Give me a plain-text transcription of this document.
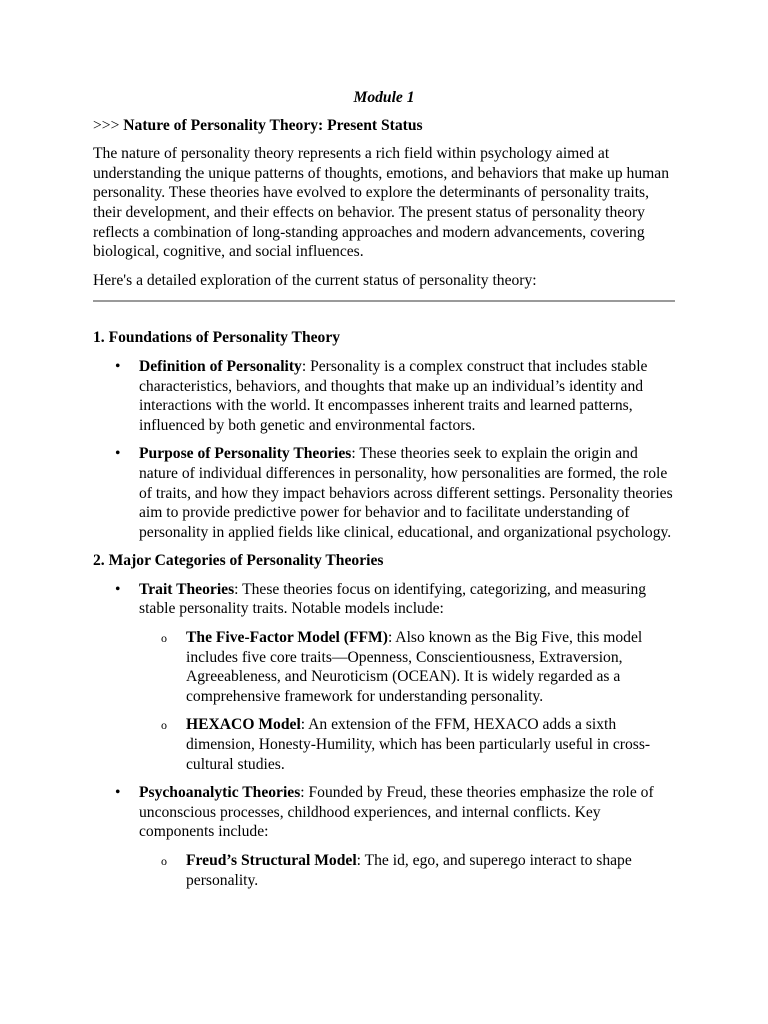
Module 1
>>> Nature of Personality Theory: Present Status

The nature of personality theory represents a rich field within psychology aimed at understanding the unique patterns of thoughts, emotions, and behaviors that make up human personality. These theories have evolved to explore the determinants of personality traits, their development, and their effects on behavior. The present status of personality theory reflects a combination of long-standing approaches and modern advancements, covering biological, cognitive, and social influences.

Here's a detailed exploration of the current status of personality theory:

1. Foundations of Personality Theory
• Definition of Personality: Personality is a complex construct that includes stable characteristics, behaviors, and thoughts that make up an individual’s identity and interactions with the world. It encompasses inherent traits and learned patterns, influenced by both genetic and environmental factors.
• Purpose of Personality Theories: These theories seek to explain the origin and nature of individual differences in personality, how personalities are formed, the role of traits, and how they impact behaviors across different settings. Personality theories aim to provide predictive power for behavior and to facilitate understanding of personality in applied fields like clinical, educational, and organizational psychology.
2. Major Categories of Personality Theories
• Trait Theories: These theories focus on identifying, categorizing, and measuring stable personality traits. Notable models include:
o The Five-Factor Model (FFM): Also known as the Big Five, this model includes five core traits—Openness, Conscientiousness, Extraversion, Agreeableness, and Neuroticism (OCEAN). It is widely regarded as a comprehensive framework for understanding personality.
o HEXACO Model: An extension of the FFM, HEXACO adds a sixth dimension, Honesty-Humility, which has been particularly useful in cross-cultural studies.
• Psychoanalytic Theories: Founded by Freud, these theories emphasize the role of unconscious processes, childhood experiences, and internal conflicts. Key components include:
o Freud’s Structural Model: The id, ego, and superego interact to shape personality.
